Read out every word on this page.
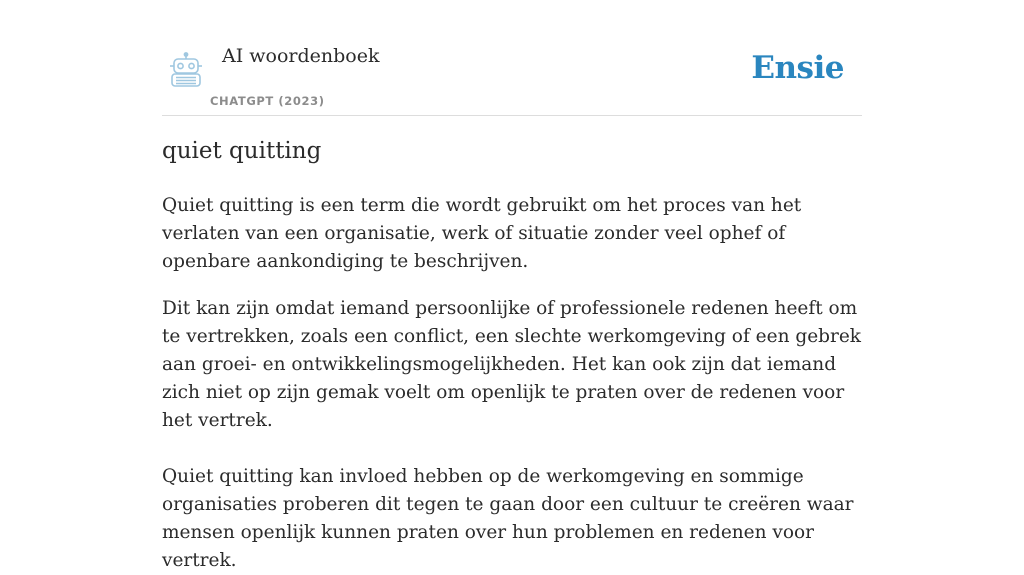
AI woordenboek
CHATGPT (2023)
Ensie
quiet quitting

Quiet quitting is een term die wordt gebruikt om het proces van het verlaten van een organisatie, werk of situatie zonder veel ophef of openbare aankondiging te beschrijven.

Dit kan zijn omdat iemand persoonlijke of professionele redenen heeft om te vertrekken, zoals een conflict, een slechte werkomgeving of een gebrek aan groei- en ontwikkelingsmogelijkheden. Het kan ook zijn dat iemand zich niet op zijn gemak voelt om openlijk te praten over de redenen voor het vertrek.

Quiet quitting kan invloed hebben op de werkomgeving en sommige organisaties proberen dit tegen te gaan door een cultuur te creëren waar mensen openlijk kunnen praten over hun problemen en redenen voor vertrek.
